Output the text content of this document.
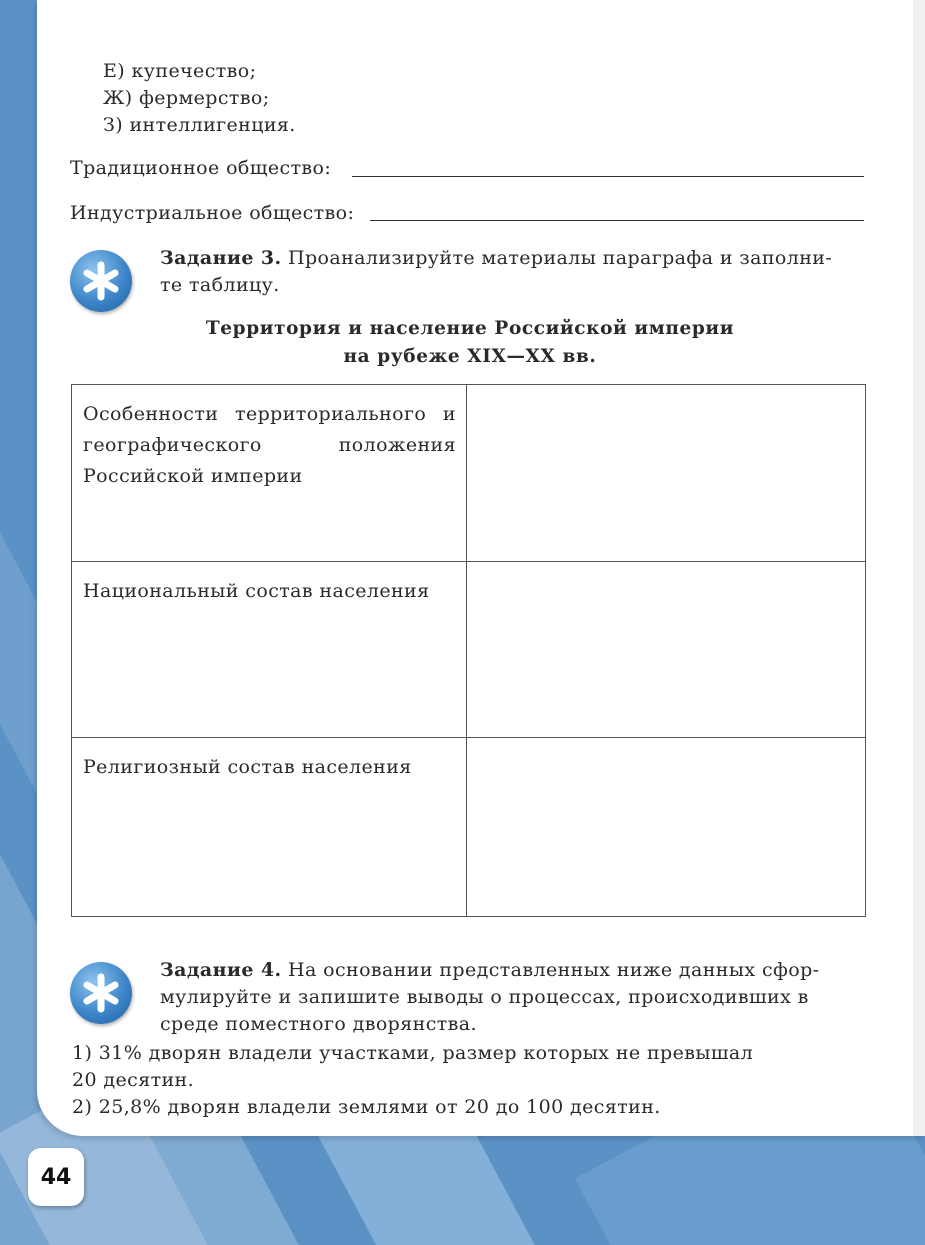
Е) купечество;
Ж) фермерство;
З) интеллигенция.
Традиционное общество:
Индустриальное общество:
Задание 3. Проанализируйте материалы параграфа и заполни-
те таблицу.
Территория и население Российской империи
на рубеже XIX—XX вв.
Особенности территориального и географического положения Российской империи	
Национальный состав населения	
Религиозный состав населения	
Задание 4. На основании представленных ниже данных сфор-
мулируйте и запишите выводы о процессах, происходивших в
среде поместного дворянства.
1) 31% дворян владели участками, размер которых не превышал
20 десятин.
2) 25,8% дворян владели землями от 20 до 100 десятин.
44
